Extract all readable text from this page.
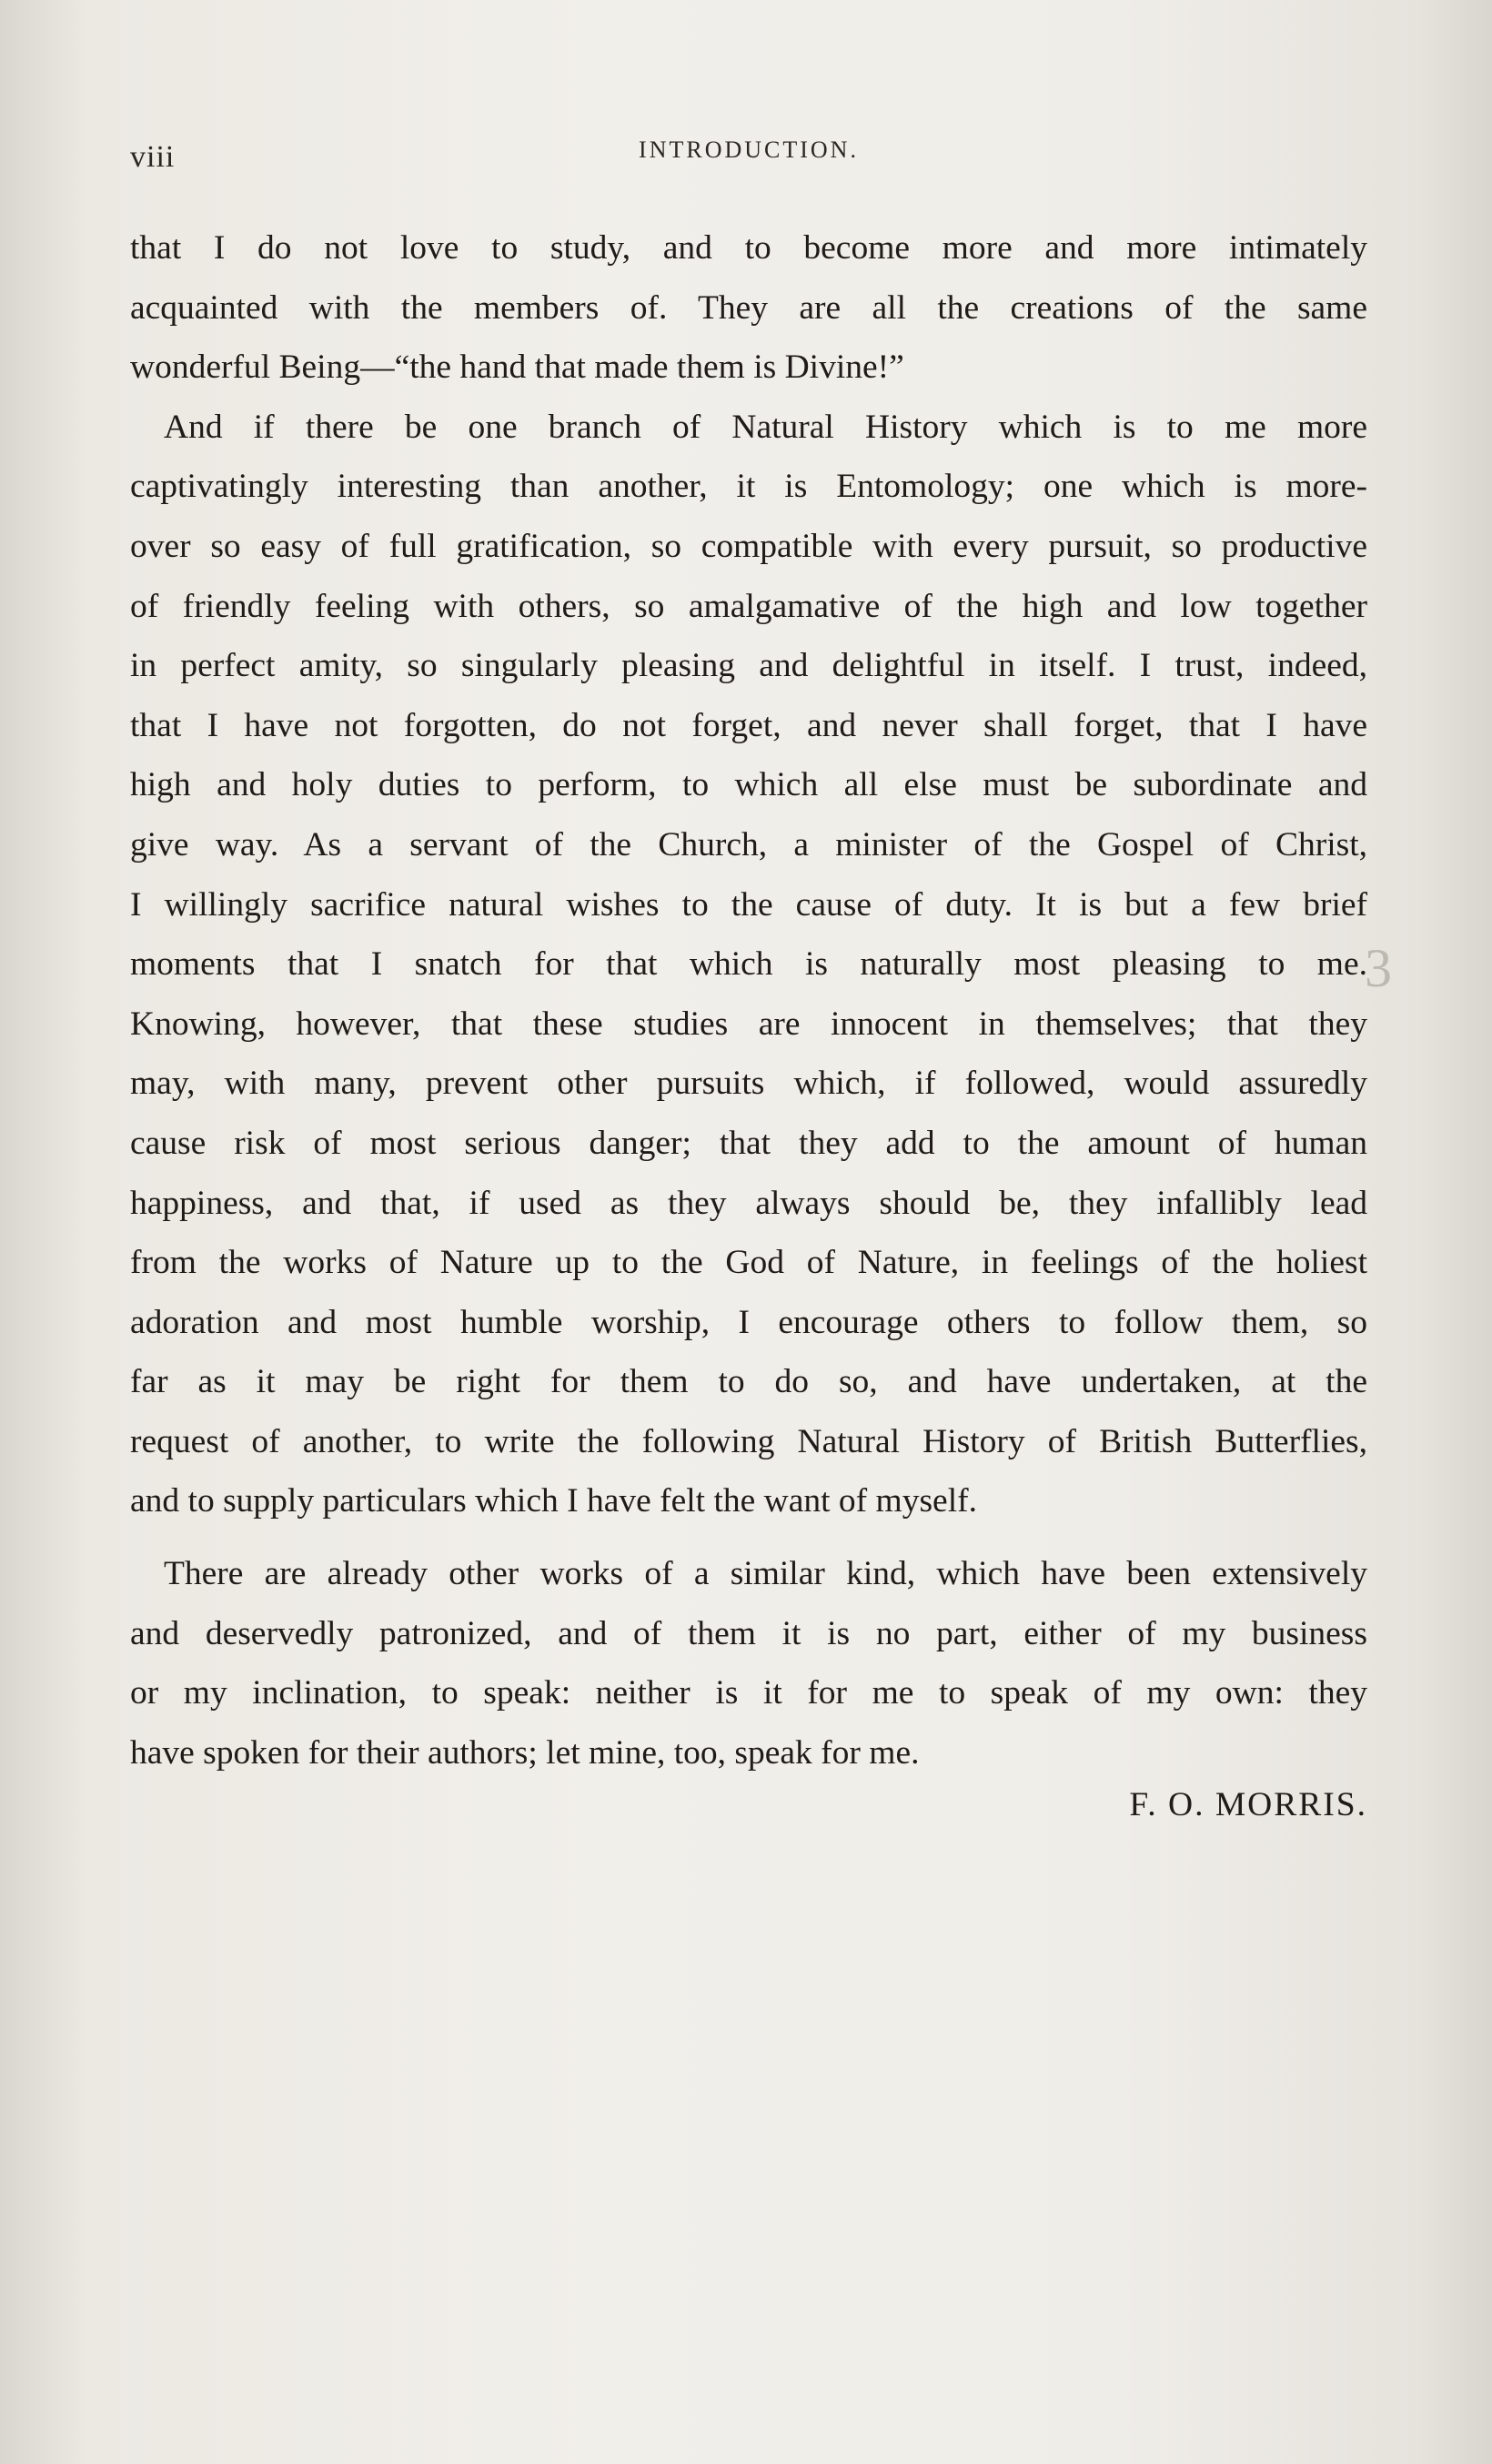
3
viii	INTRODUCTION.
that I do not love to study, and to become more and more intimately
acquainted with the members of. They are all the creations of the same
wonderful Being—“the hand that made them is Divine!”
And if there be one branch of Natural History which is to me more
captivatingly interesting than another, it is Entomology; one which is more-
over so easy of full gratification, so compatible with every pursuit, so productive
of friendly feeling with others, so amalgamative of the high and low together
in perfect amity, so singularly pleasing and delightful in itself. I trust, indeed,
that I have not forgotten, do not forget, and never shall forget, that I have
high and holy duties to perform, to which all else must be subordinate and
give way. As a servant of the Church, a minister of the Gospel of Christ,
I willingly sacrifice natural wishes to the cause of duty. It is but a few brief
moments that I snatch for that which is naturally most pleasing to me.
Knowing, however, that these studies are innocent in themselves; that they
may, with many, prevent other pursuits which, if followed, would assuredly
cause risk of most serious danger; that they add to the amount of human
happiness, and that, if used as they always should be, they infallibly lead
from the works of Nature up to the God of Nature, in feelings of the holiest
adoration and most humble worship, I encourage others to follow them, so
far as it may be right for them to do so, and have undertaken, at the
request of another, to write the following Natural History of British Butterflies,
and to supply particulars which I have felt the want of myself.
There are already other works of a similar kind, which have been extensively
and deservedly patronized, and of them it is no part, either of my business
or my inclination, to speak: neither is it for me to speak of my own: they
have spoken for their authors; let mine, too, speak for me.
F. O. MORRIS.
